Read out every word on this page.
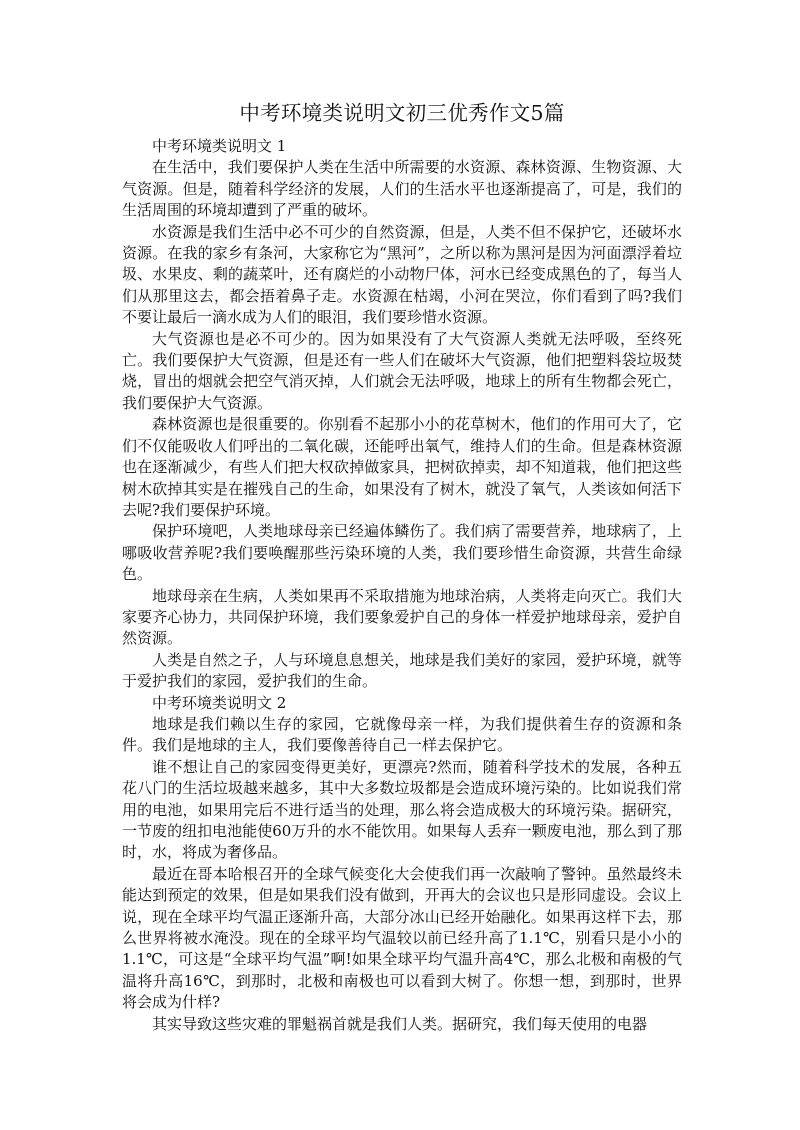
中考环境类说明文初三优秀作文5篇

中考环境类说明文 1

在生活中，我们要保护人类在生活中所需要的水资源、森林资源、生物资源、大气资源。但是，随着科学经济的发展，人们的生活水平也逐渐提高了，可是，我们的生活周围的环境却遭到了严重的破坏。

水资源是我们生活中必不可少的自然资源，但是，人类不但不保护它，还破坏水资源。在我的家乡有条河，大家称它为“黑河”，之所以称为黑河是因为河面漂浮着垃圾、水果皮、剩的蔬菜叶，还有腐烂的小动物尸体，河水已经变成黑色的了，每当人们从那里这去，都会捂着鼻子走。水资源在枯竭，小河在哭泣，你们看到了吗?我们不要让最后一滴水成为人们的眼泪，我们要珍惜水资源。

大气资源也是必不可少的。因为如果没有了大气资源人类就无法呼吸，至终死亡。我们要保护大气资源，但是还有一些人们在破坏大气资源，他们把塑料袋垃圾焚烧，冒出的烟就会把空气消灭掉，人们就会无法呼吸，地球上的所有生物都会死亡，我们要保护大气资源。

森林资源也是很重要的。你别看不起那小小的花草树木，他们的作用可大了，它们不仅能吸收人们呼出的二氧化碳，还能呼出氧气，维持人们的生命。但是森林资源也在逐渐减少，有些人们把大权砍掉做家具，把树砍掉卖，却不知道栽，他们把这些树木砍掉其实是在摧残自己的生命，如果没有了树木，就没了氧气，人类该如何活下去呢?我们要保护环境。

保护环境吧，人类地球母亲已经遍体鳞伤了。我们病了需要营养，地球病了，上哪吸收营养呢?我们要唤醒那些污染环境的人类，我们要珍惜生命资源，共营生命绿色。

地球母亲在生病，人类如果再不采取措施为地球治病，人类将走向灭亡。我们大家要齐心协力，共同保护环境，我们要象爱护自己的身体一样爱护地球母亲，爱护自然资源。

人类是自然之子，人与环境息息想关，地球是我们美好的家园，爱护环境，就等于爱护我们的家园，爱护我们的生命。

中考环境类说明文 2

地球是我们赖以生存的家园，它就像母亲一样，为我们提供着生存的资源和条件。我们是地球的主人，我们要像善待自己一样去保护它。

谁不想让自己的家园变得更美好，更漂亮?然而，随着科学技术的发展，各种五花八门的生活垃圾越来越多，其中大多数垃圾都是会造成环境污染的。比如说我们常用的电池，如果用完后不进行适当的处理，那么将会造成极大的环境污染。据研究，一节废的纽扣电池能使60万升的水不能饮用。如果每人丢弃一颗废电池，那么到了那时，水，将成为奢侈品。

最近在哥本哈根召开的全球气候变化大会使我们再一次敲响了警钟。虽然最终未能达到预定的效果，但是如果我们没有做到，开再大的会议也只是形同虚设。会议上说，现在全球平均气温正逐渐升高，大部分冰山已经开始融化。如果再这样下去，那么世界将被水淹没。现在的全球平均气温较以前已经升高了1.1℃，别看只是小小的1.1℃，可这是“全球平均气温”啊!如果全球平均气温升高4℃，那么北极和南极的气温将升高16℃，到那时，北极和南极也可以看到大树了。你想一想，到那时，世界将会成为什样?

其实导致这些灾难的罪魁祸首就是我们人类。据研究，我们每天使用的电器
